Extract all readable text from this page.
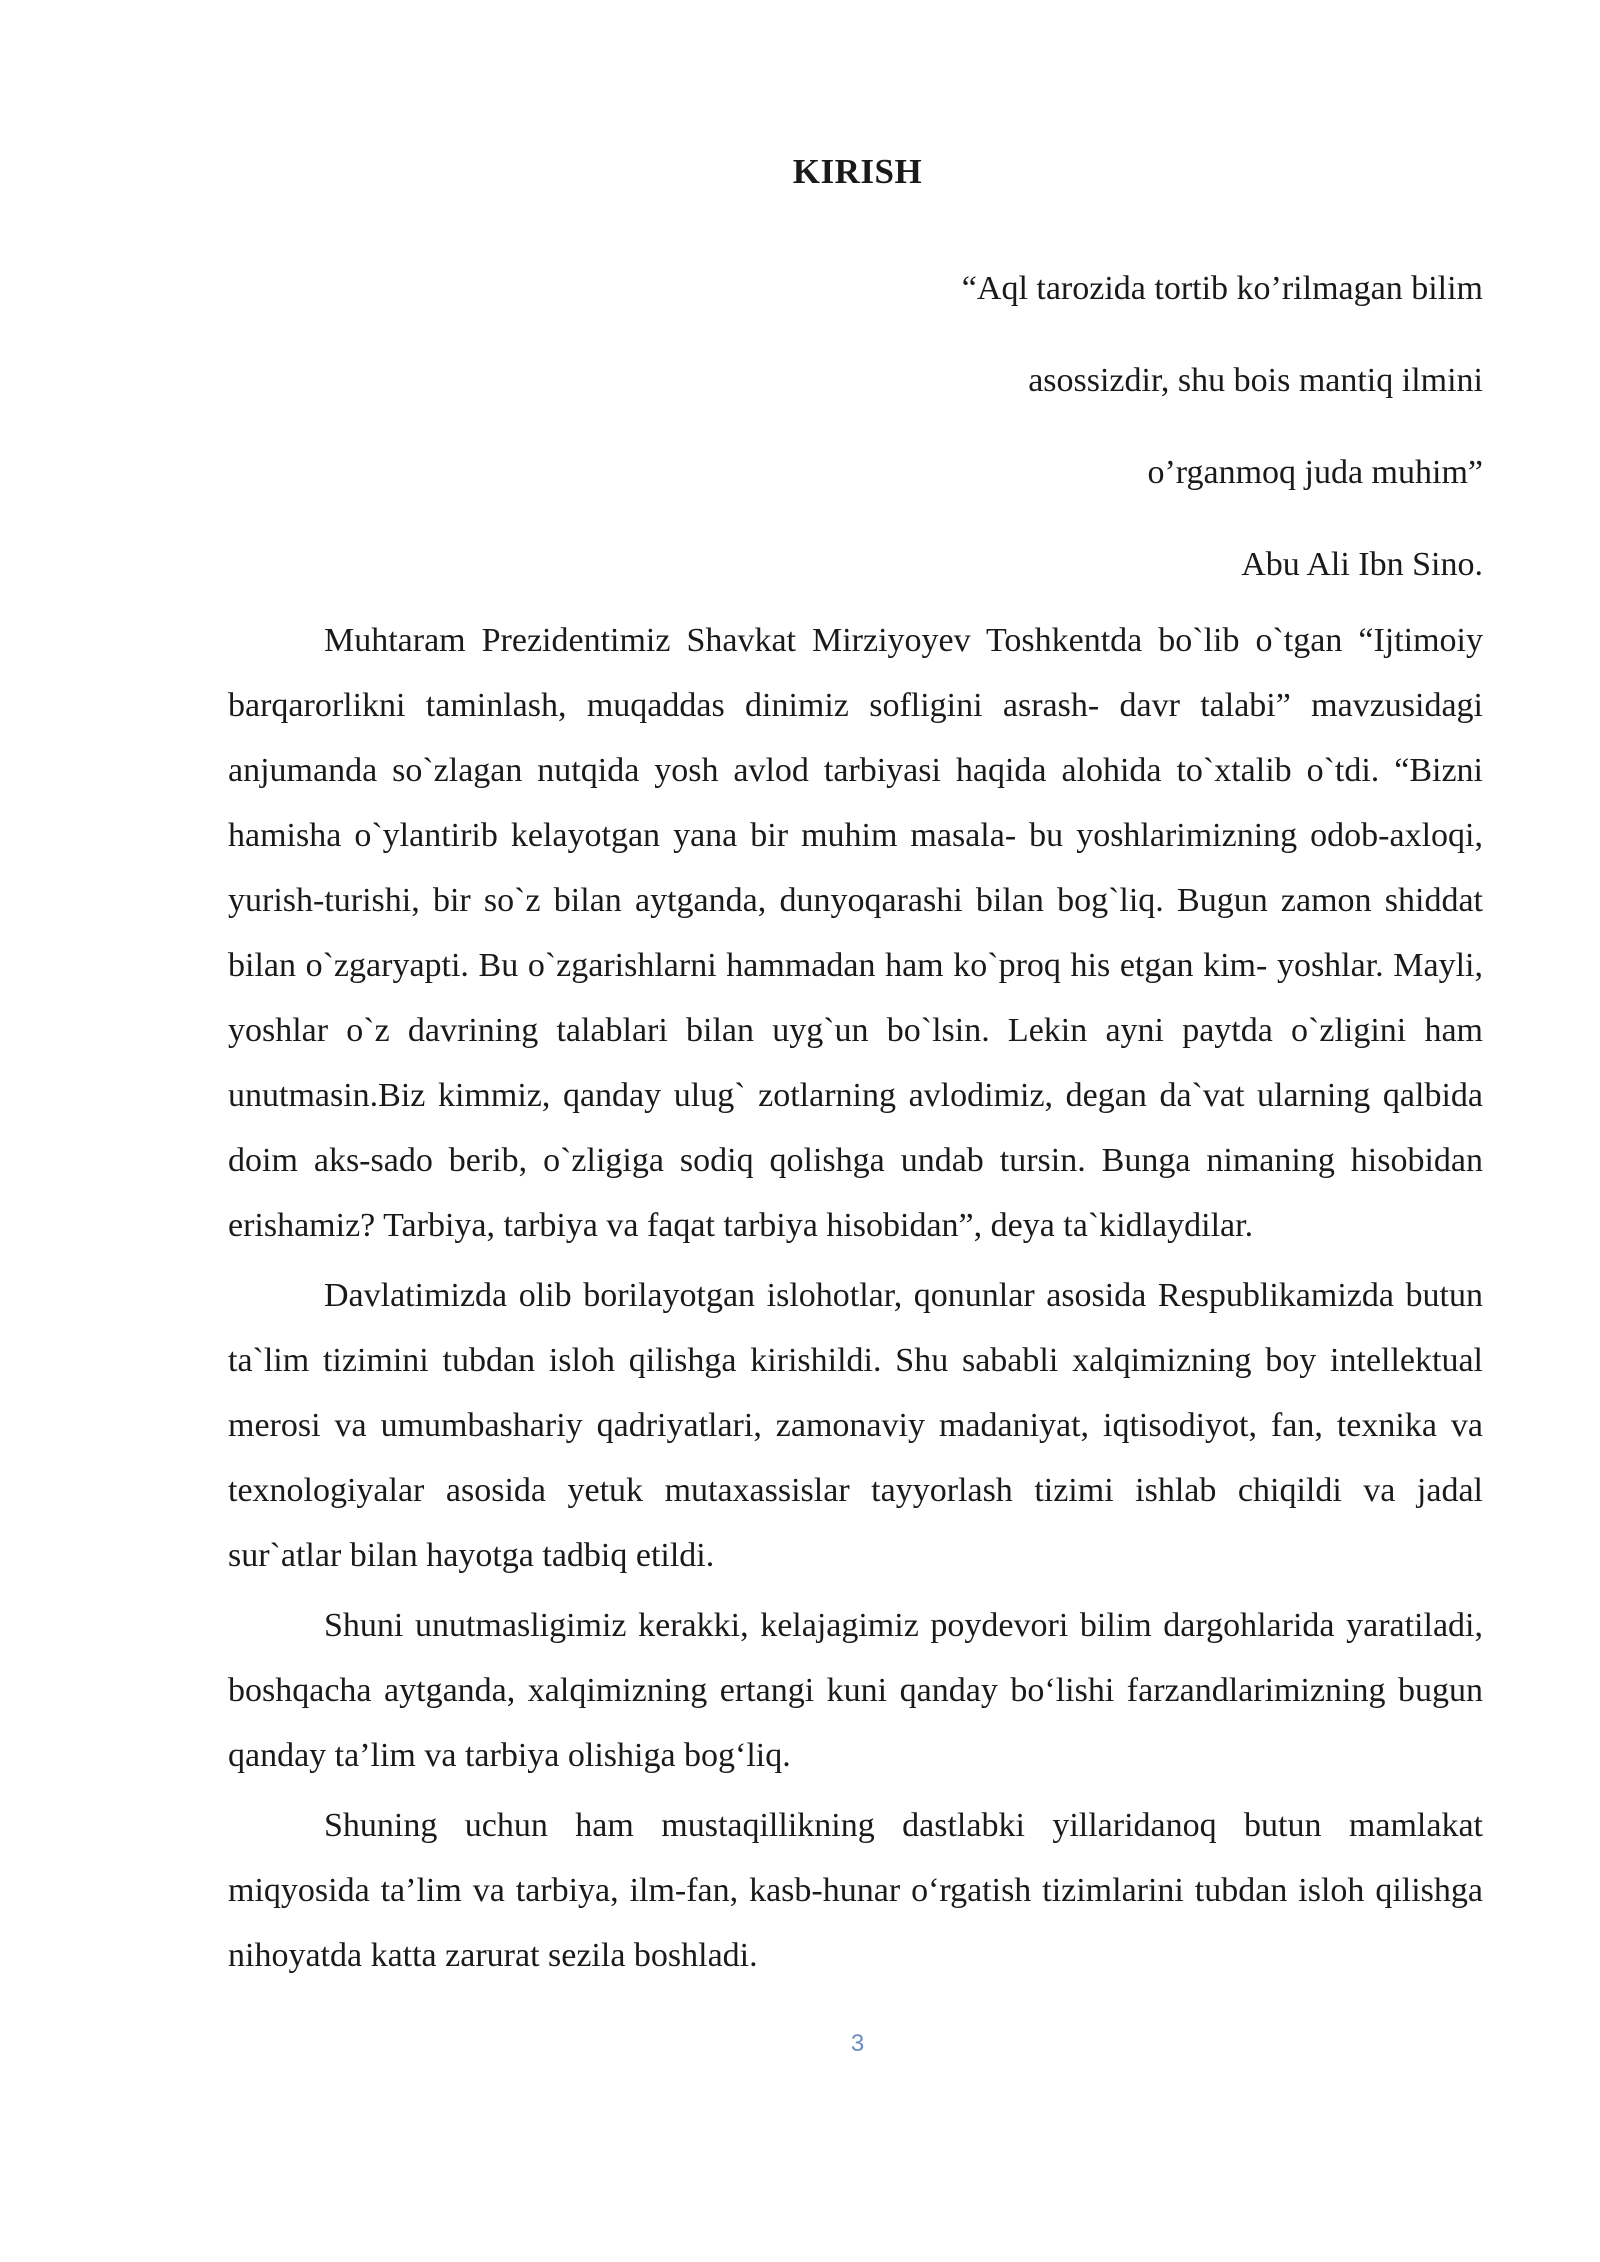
KIRISH
“Aql tarozida tortib ko’rilmagan bilim
asossizdir, shu bois mantiq ilmini
o’rganmoq juda muhim”
Abu Ali Ibn Sino.

Muhtaram Prezidentimiz Shavkat Mirziyoyev Toshkentda bo`lib o`tgan “Ijtimoiy barqarorlikni taminlash, muqaddas dinimiz sofligini asrash- davr talabi” mavzusidagi anjumanda so`zlagan nutqida yosh avlod tarbiyasi haqida alohida to`xtalib o`tdi. “Bizni hamisha o`ylantirib kelayotgan yana bir muhim masala- bu yoshlarimizning odob-axloqi, yurish-turishi, bir so`z bilan aytganda, dunyoqarashi bilan bog`liq. Bugun zamon shiddat bilan o`zgaryapti. Bu o`zgarishlarni hammadan ham ko`proq his etgan kim- yoshlar. Mayli, yoshlar o`z davrining talablari bilan uyg`un bo`lsin. Lekin ayni paytda o`zligini ham unutmasin.Biz kimmiz, qanday ulug` zotlarning avlodimiz, degan da`vat ularning qalbida doim aks-sado berib, o`zligiga sodiq qolishga undab tursin. Bunga nimaning hisobidan erishamiz? Tarbiya, tarbiya va faqat tarbiya hisobidan”, deya ta`kidlaydilar.

Davlatimizda olib borilayotgan islohotlar, qonunlar asosida Respublikamizda butun ta`lim tizimini tubdan isloh qilishga kirishildi. Shu sababli xalqimizning boy intellektual merosi va umumbashariy qadriyatlari, zamonaviy madaniyat, iqtisodiyot, fan, texnika va texnologiyalar asosida yetuk mutaxassislar tayyorlash tizimi ishlab chiqildi va jadal sur`atlar bilan hayotga tadbiq etildi.

Shuni unutmasligimiz kerakki, kelajagimiz poydevori bilim dargohlarida yaratiladi, boshqacha aytganda, xalqimizning ertangi kuni qanday bo‘lishi farzandlarimizning bugun qanday ta’lim va tarbiya olishiga bog‘liq.

Shuning uchun ham mustaqillikning dastlabki yillaridanoq butun mamlakat miqyosida ta’lim va tarbiya, ilm-fan, kasb-hunar o‘rgatish tizimlarini tubdan isloh qilishga nihoyatda katta zarurat sezila boshladi.

3
